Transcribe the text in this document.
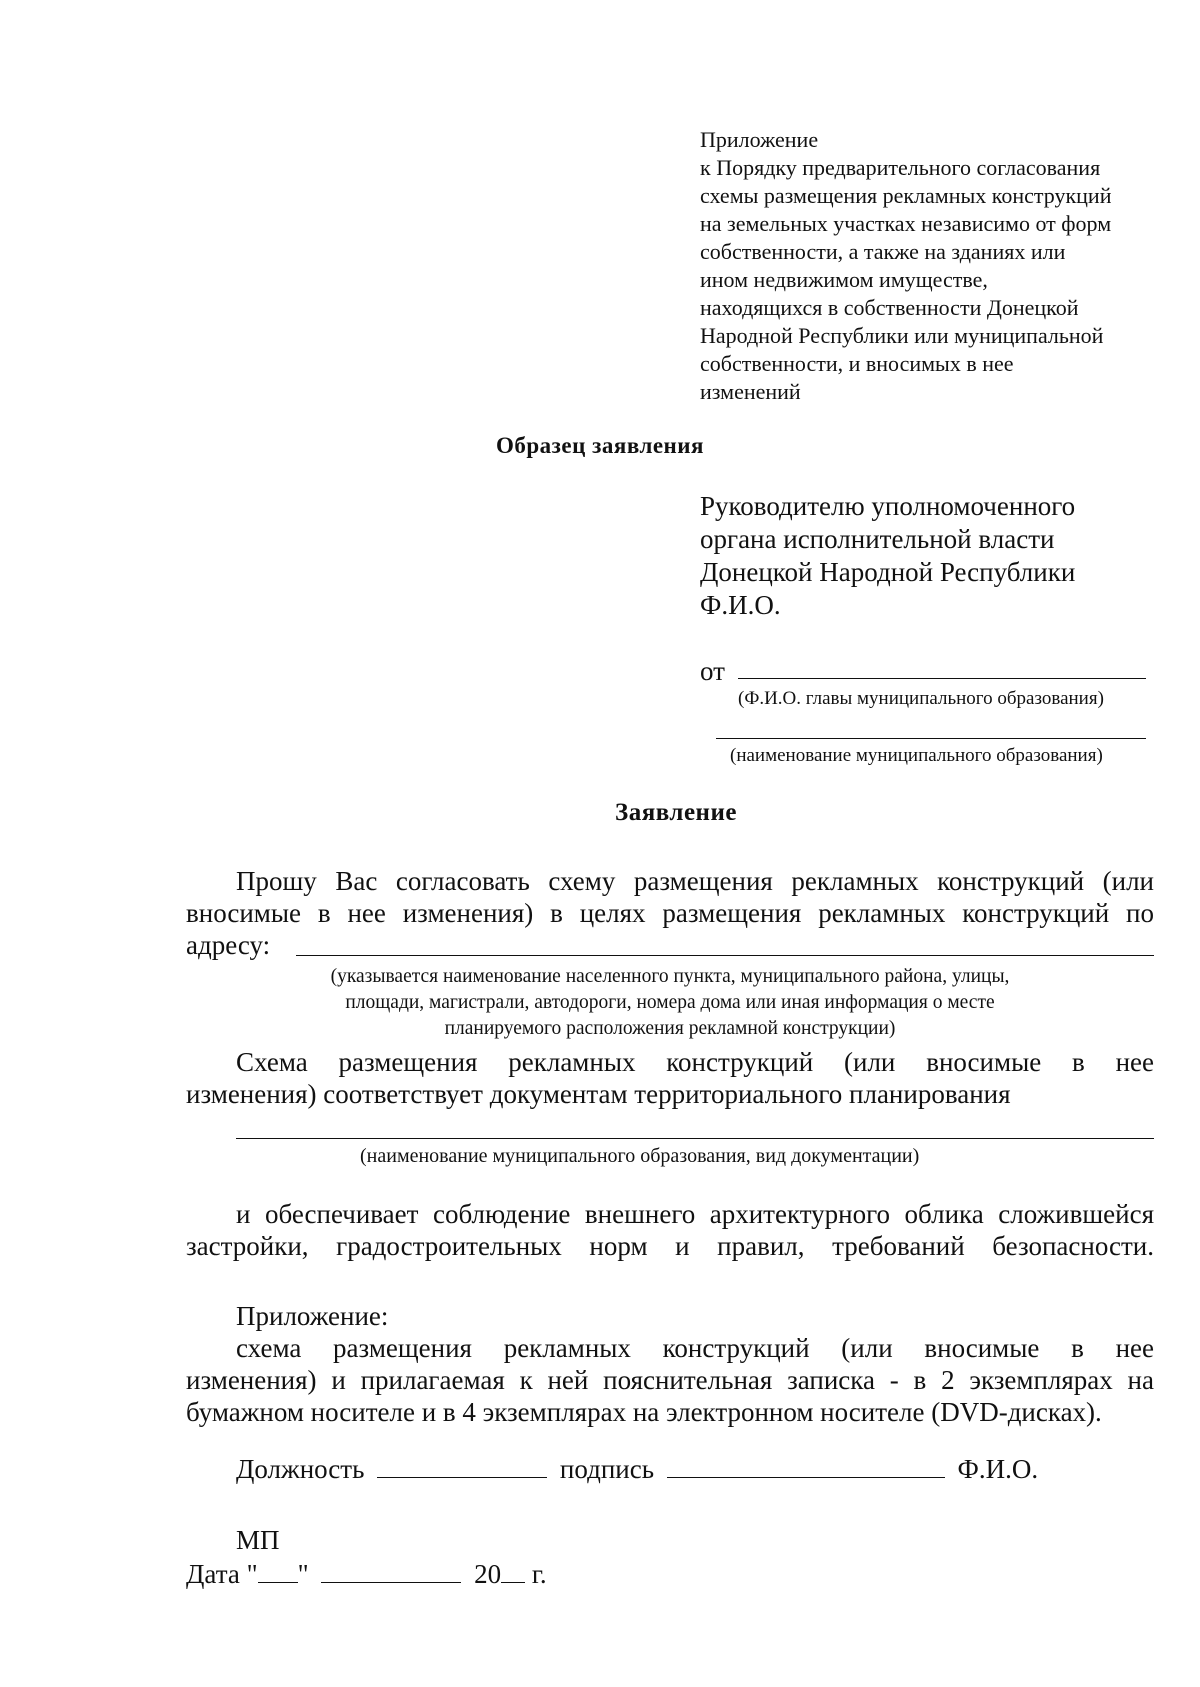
Приложение
к Порядку предварительного согласования
схемы размещения рекламных конструкций
на земельных участках независимо от форм
собственности, а также на зданиях или
ином недвижимом имуществе,
находящихся в собственности Донецкой
Народной Республики или муниципальной
собственности, и вносимых в нее
изменений
Образец заявления
Руководителю уполномоченного
органа исполнительной власти
Донецкой Народной Республики
Ф.И.О.
от
(Ф.И.О. главы муниципального образования)
(наименование муниципального образования)
Заявление
Прошу Вас согласовать схему размещения рекламных конструкций (или
вносимые в нее изменения) в целях размещения рекламных конструкций по
адресу:
(указывается наименование населенного пункта, муниципального района, улицы,
площади, магистрали, автодороги, номера дома или иная информация о месте
планируемого расположения рекламной конструкции)
Схема размещения рекламных конструкций (или вносимые в нее
изменения) соответствует документам территориального планирования
(наименование муниципального образования, вид документации)
и обеспечивает соблюдение внешнего архитектурного облика сложившейся
застройки, градостроительных норм и правил, требований безопасности.
Приложение:
схема размещения рекламных конструкций (или вносимые в нее
изменения) и прилагаемая к ней пояснительная записка - в 2 экземплярах на
бумажном носителе и в 4 экземплярах на электронном носителе (DVD-дисках).
Должность	подпись	Ф.И.О.
МП
Дата " "	20 г.
